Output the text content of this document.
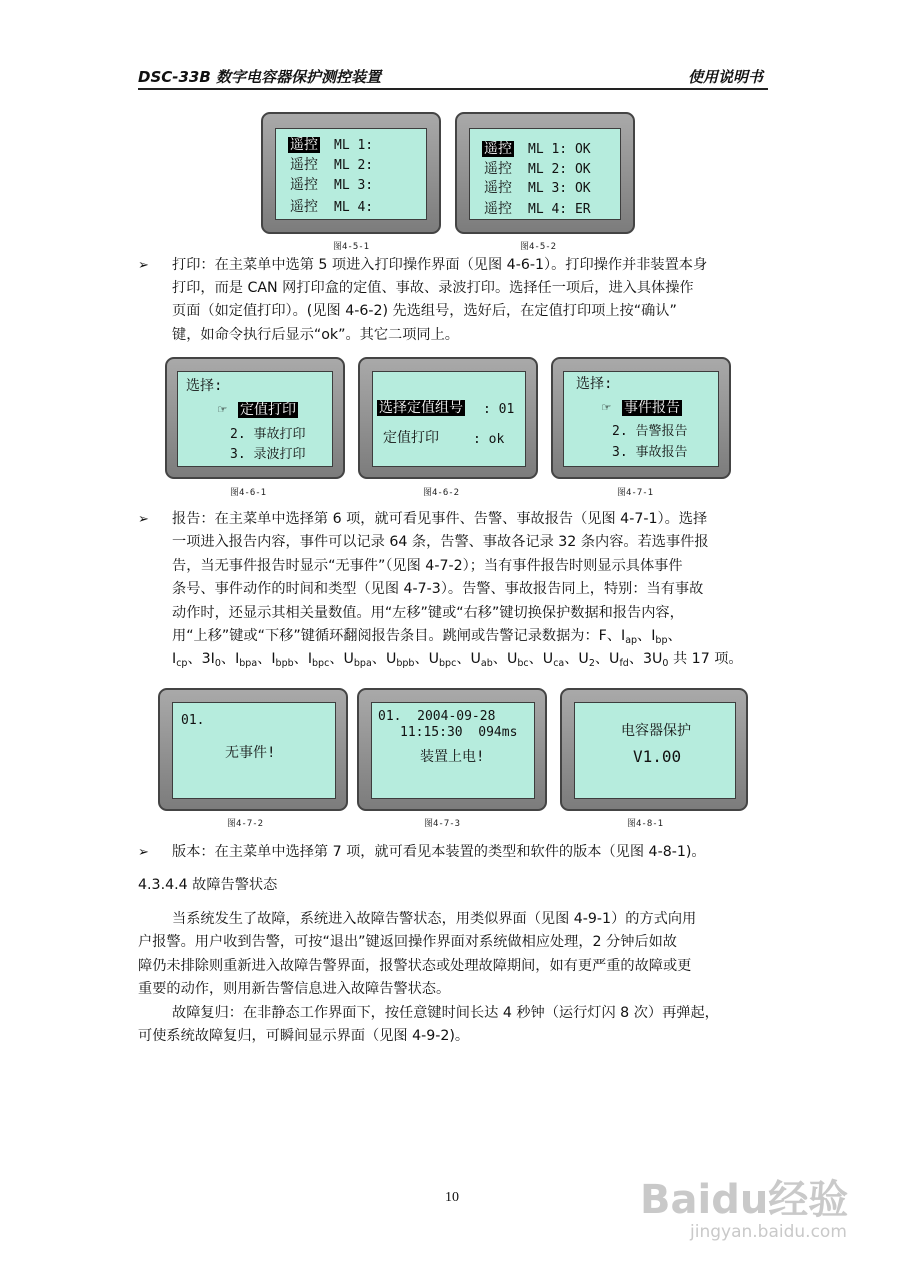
DSC-33B 数字电容器保护测控装置	使用说明书
遥控 ML 1:
遥控 ML 2:
遥控 ML 3:
遥控 ML 4:
图4-5-1
遥控 ML 1: OK
遥控 ML 2: OK
遥控 ML 3: OK
遥控 ML 4: ER
图4-5-2
➢ 打印：在主菜单中选第 5 项进入打印操作界面（见图 4-6-1）。打印操作并非装置本身
打印，而是 CAN 网打印盒的定值、事故、录波打印。选择任一项后，进入具体操作
页面（如定值打印）。(见图 4-6-2) 先选组号，选好后，在定值打印项上按“确认”
键，如命令执行后显示“ok”。其它二项同上。
选择:
☞ 定值打印
2. 事故打印
3. 录波打印
图4-6-1
选择定值组号 : 01
定值打印	: ok
图4-6-2
选择:
☞ 事件报告
2. 告警报告
3. 事故报告
图4-7-1
➢ 报告：在主菜单中选择第 6 项，就可看见事件、告警、事故报告（见图 4-7-1）。选择
一项进入报告内容，事件可以记录 64 条，告警、事故各记录 32 条内容。若选事件报
告，当无事件报告时显示“无事件”（见图 4-7-2）；当有事件报告时则显示具体事件
条号、事件动作的时间和类型（见图 4-7-3）。告警、事故报告同上，特别：当有事故
动作时，还显示其相关量数值。用“左移”键或“右移”键切换保护数据和报告内容，
用“上移”键或“下移”键循环翻阅报告条目。跳闸或告警记录数据为：F、$I_{ap}$、$I_{bp}$、
$I_{cp}$、$3I_0$、$I_{bpa}$、$I_{bpb}$、$I_{bpc}$、$U_{bpa}$、$U_{bpb}$、$U_{bpc}$、$U_{ab}$、$U_{bc}$、$U_{ca}$、$U_2$、$U_{fd}$、$3U_0$ 共 17 项。
01.
无事件!
图4-7-2
01.  2004-09-28
11:15:30  094ms
装置上电!
图4-7-3
电容器保护
V1.00
图4-8-1
➢ 版本：在主菜单中选择第 7 项，就可看见本装置的类型和软件的版本（见图 4-8-1)。
4.3.4.4 故障告警状态
当系统发生了故障，系统进入故障告警状态，用类似界面（见图 4-9-1）的方式向用
户报警。用户收到告警，可按“退出”键返回操作界面对系统做相应处理，2 分钟后如故
障仍未排除则重新进入故障告警界面，报警状态或处理故障期间，如有更严重的故障或更
重要的动作，则用新告警信息进入故障告警状态。
故障复归：在非静态工作界面下，按任意键时间长达 4 秒钟（运行灯闪 8 次）再弹起，
可使系统故障复归，可瞬间显示界面（见图 4-9-2)。
10	Baidu经验
jingyan.baidu.com
